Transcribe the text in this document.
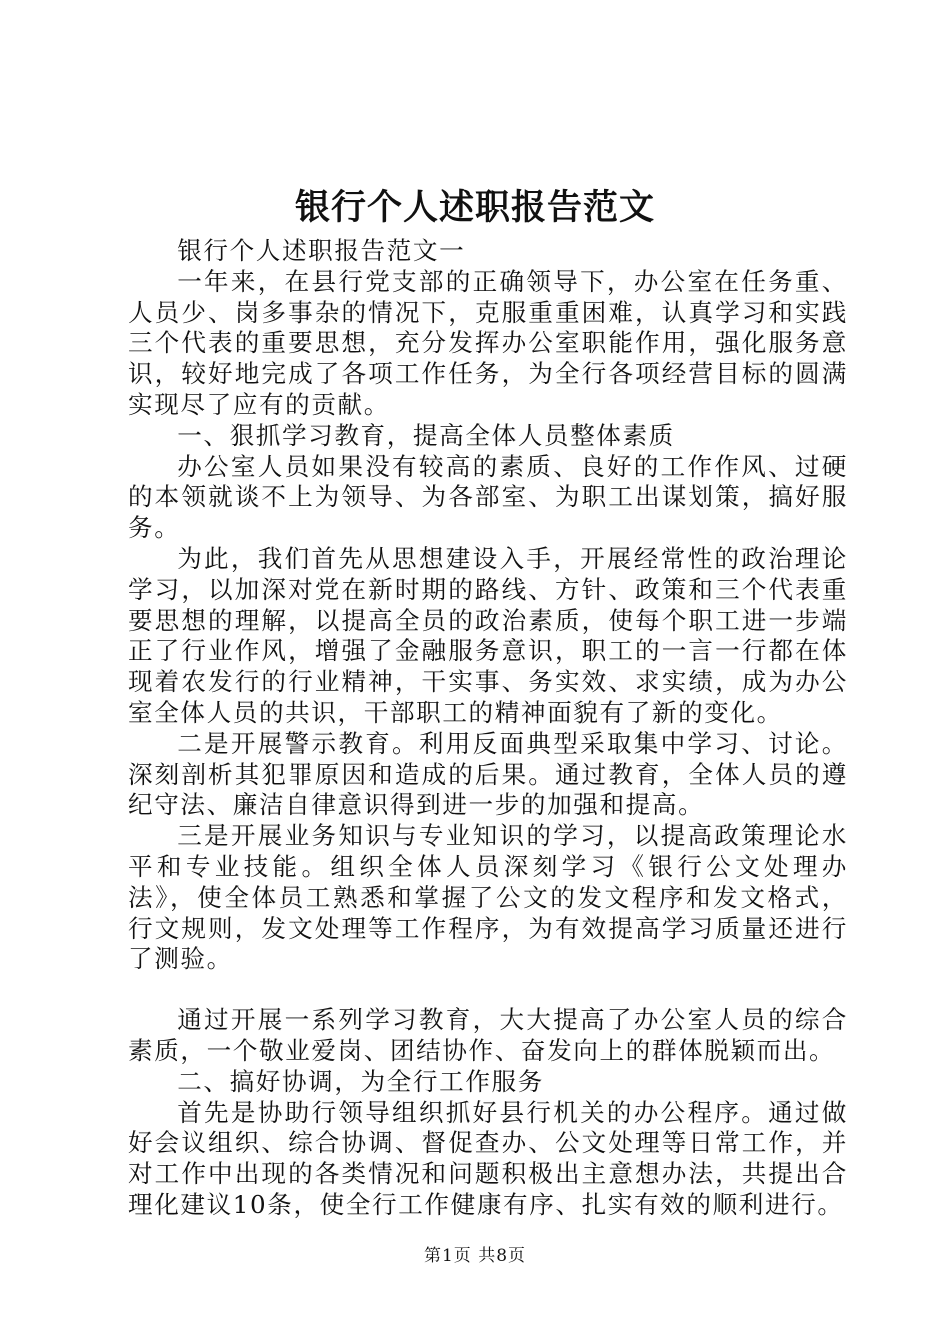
银行个人述职报告范文

银行个人述职报告范文一

一年来，在县行党支部的正确领导下，办公室在任务重、人员少、岗多事杂的情况下，克服重重困难，认真学习和实践三个代表的重要思想，充分发挥办公室职能作用，强化服务意识，较好地完成了各项工作任务，为全行各项经营目标的圆满实现尽了应有的贡献。

一、狠抓学习教育，提高全体人员整体素质

办公室人员如果没有较高的素质、良好的工作作风、过硬的本领就谈不上为领导、为各部室、为职工出谋划策，搞好服务。

为此，我们首先从思想建设入手，开展经常性的政治理论学习，以加深对党在新时期的路线、方针、政策和三个代表重要思想的理解，以提高全员的政治素质，使每个职工进一步端正了行业作风，增强了金融服务意识，职工的一言一行都在体现着农发行的行业精神，干实事、务实效、求实绩，成为办公室全体人员的共识，干部职工的精神面貌有了新的变化。

二是开展警示教育。利用反面典型采取集中学习、讨论。深刻剖析其犯罪原因和造成的后果。通过教育，全体人员的遵纪守法、廉洁自律意识得到进一步的加强和提高。

三是开展业务知识与专业知识的学习，以提高政策理论水平和专业技能。组织全体人员深刻学习《银行公文处理办法》，使全体员工熟悉和掌握了公文的发文程序和发文格式，行文规则，发文处理等工作程序，为有效提高学习质量还进行了测验。

通过开展一系列学习教育，大大提高了办公室人员的综合素质，一个敬业爱岗、团结协作、奋发向上的群体脱颖而出。

二、搞好协调，为全行工作服务

首先是协助行领导组织抓好县行机关的办公程序。通过做好会议组织、综合协调、督促查办、公文处理等日常工作，并对工作中出现的各类情况和问题积极出主意想办法，共提出合理化建议10条，使全行工作健康有序、扎实有效的顺利进行。

第1页 共8页
